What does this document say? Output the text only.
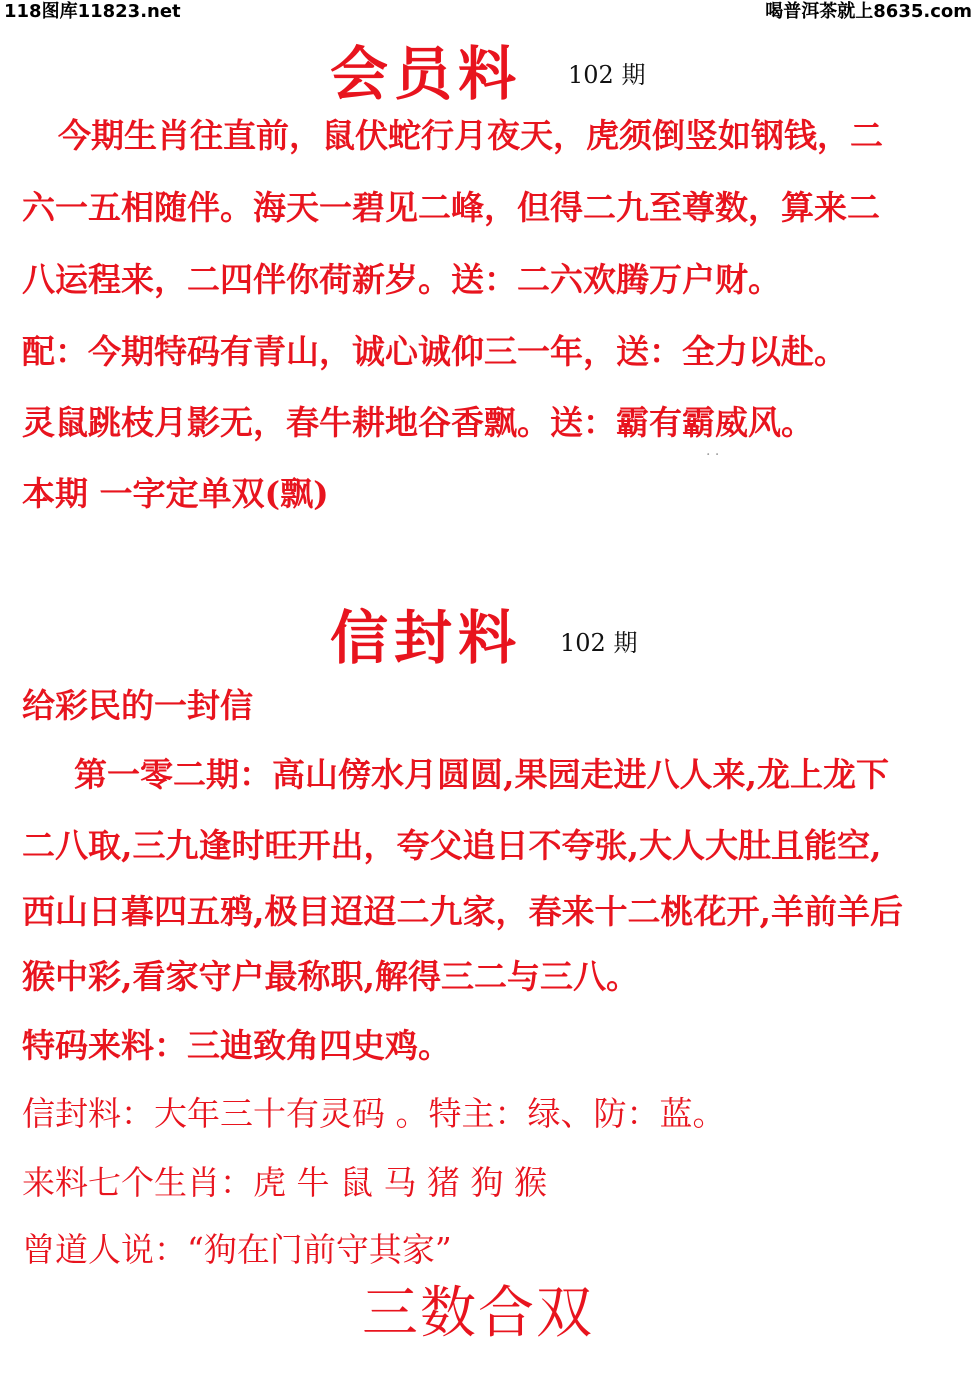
118图库11823.net	喝普洱茶就上8635.com
会员料 102 期
今期生肖往直前，鼠伏蛇行月夜天，虎须倒竖如钢钱，二
六一五相随伴。海天一碧见二峰，但得二九至尊数，算来二
八运程来，二四伴你荷新岁。送：二六欢腾万户财。
配：今期特码有青山，诚心诚仰三一年，送：全力以赴。
灵鼠跳枝月影无，春牛耕地谷香飘。送：霸有霸威风。
本期 一字定单双(飘)
· ·
信封料 102 期
给彩民的一封信
第一零二期：高山傍水月圆圆,果园走进八人来,龙上龙下
二八取,三九逢时旺开出，夸父追日不夸张,大人大肚且能空,
西山日暮四五鸦,极目迢迢二九家，春来十二桃花开,羊前羊后
猴中彩,看家守户最称职,解得三二与三八。
特码来料：三迪致角四史鸡。
信封料：大年三十有灵码 。特主：绿、防：蓝。
来料七个生肖：虎 牛 鼠 马 猪 狗 猴
曾道人说：“狗在门前守其家”
三数合双
